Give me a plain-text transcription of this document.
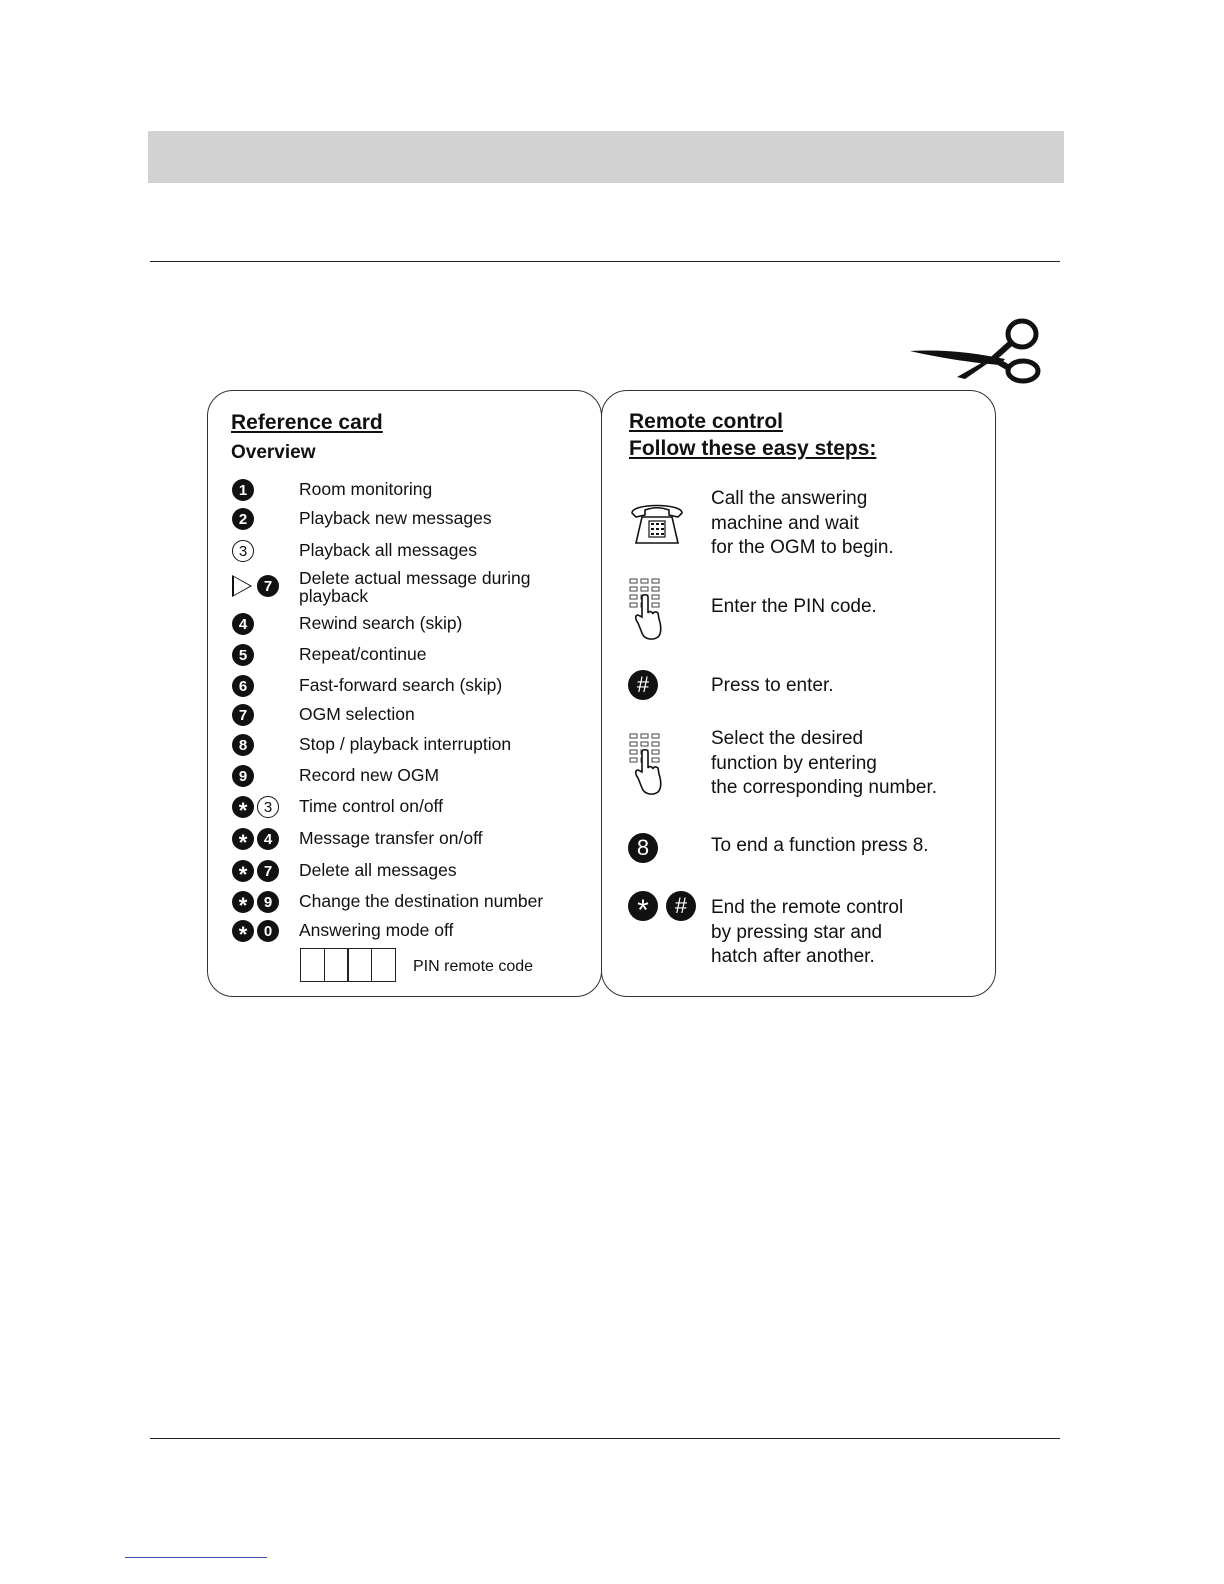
Reference card
Overview
1	Room monitoring
2	Playback new messages
3	Playback all messages
7	Delete actual message during
playback
4	Rewind search (skip)
5	Repeat/continue
6	Fast-forward search (skip)
7	OGM selection
8	Stop / playback interruption
9	Record new OGM
*	3	Time control on/off
*	4	Message transfer on/off
*	7	Delete all messages
*	9	Change the destination number
*	0	Answering mode off
PIN remote code
Remote control
Follow these easy steps:
Call the answering
machine and wait
for the OGM to begin.
Enter the PIN code.
#	Press to enter.
Select the desired
function by entering
the corresponding number.
8	To end a function press 8.
*	#	End the remote control
by pressing star and
hatch after another.
